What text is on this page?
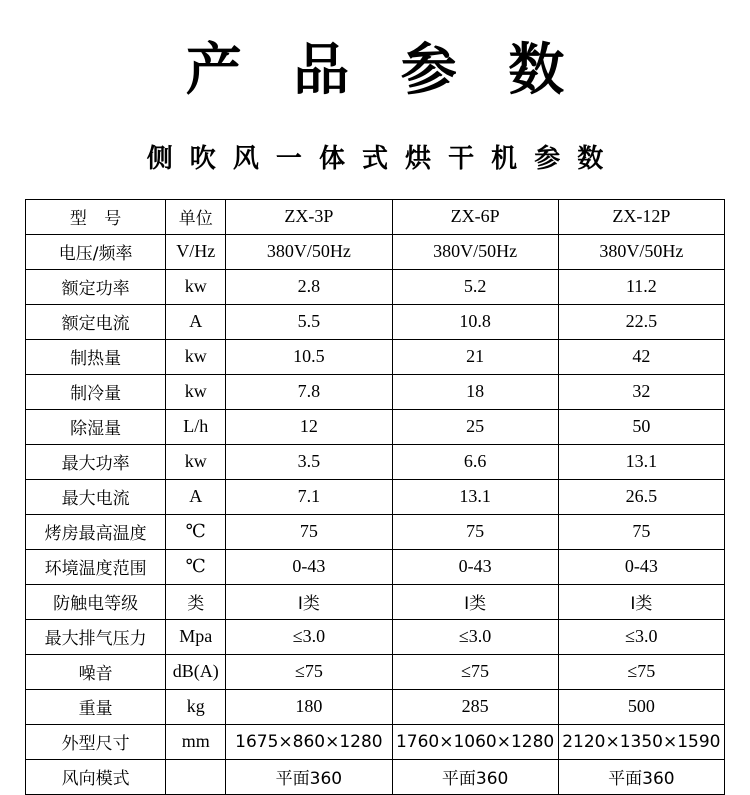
产 品 参 数
侧 吹 风 一 体 式 烘 干 机 参 数
型 号	单位	ZX-3P	ZX-6P	ZX-12P
电压/频率	V/Hz	380V/50Hz	380V/50Hz	380V/50Hz
额定功率	kw	2.8	5.2	11.2
额定电流	A	5.5	10.8	22.5
制热量	kw	10.5	21	42
制冷量	kw	7.8	18	32
除湿量	L/h	12	25	50
最大功率	kw	3.5	6.6	13.1
最大电流	A	7.1	13.1	26.5
烤房最高温度	℃	75	75	75
环境温度范围	℃	0-43	0-43	0-43
防触电等级	类	Ⅰ类	Ⅰ类	Ⅰ类
最大排气压力	Mpa	≤3.0	≤3.0	≤3.0
噪音	dB(A)	≤75	≤75	≤75
重量	kg	180	285	500
外型尺寸	mm	1675×860×1280	1760×1060×1280	2120×1350×1590
风向模式		平面360	平面360	平面360
